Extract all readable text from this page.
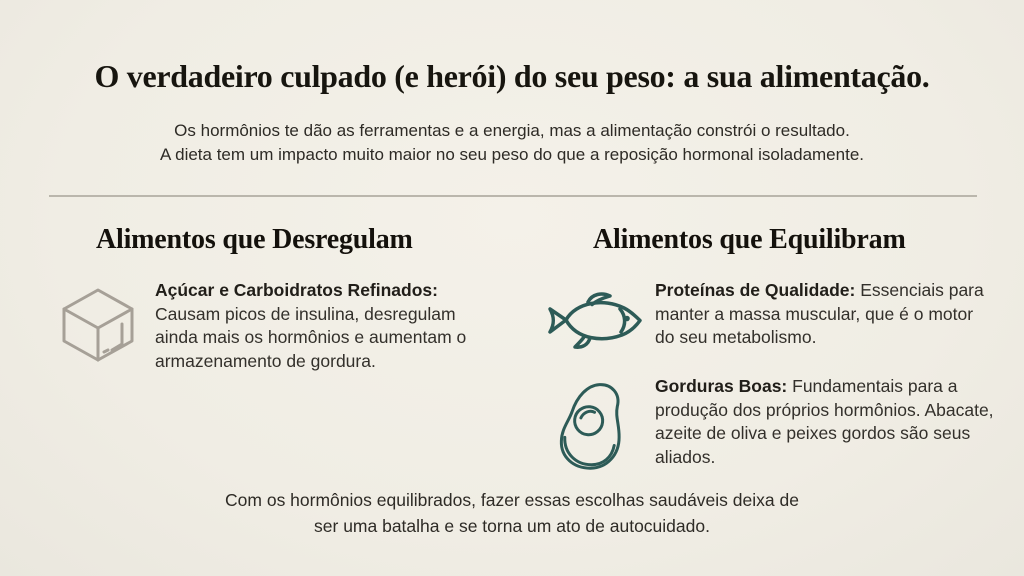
O verdadeiro culpado (e herói) do seu peso: a sua alimentação.
Os hormônios te dão as ferramentas e a energia, mas a alimentação constrói o resultado.
A dieta tem um impacto muito maior no seu peso do que a reposição hormonal isoladamente.
Alimentos que Desregulam	Alimentos que Equilibram
Açúcar e Carboidratos Refinados: Causam picos de insulina, desregulam ainda mais os hormônios e aumentam o armazenamento de gordura.
Proteínas de Qualidade: Essenciais para manter a massa muscular, que é o motor do seu metabolismo.
Gorduras Boas: Fundamentais para a produção dos próprios hormônios. Abacate, azeite de oliva e peixes gordos são seus aliados.
Com os hormônios equilibrados, fazer essas escolhas saudáveis deixa de
ser uma batalha e se torna um ato de autocuidado.
